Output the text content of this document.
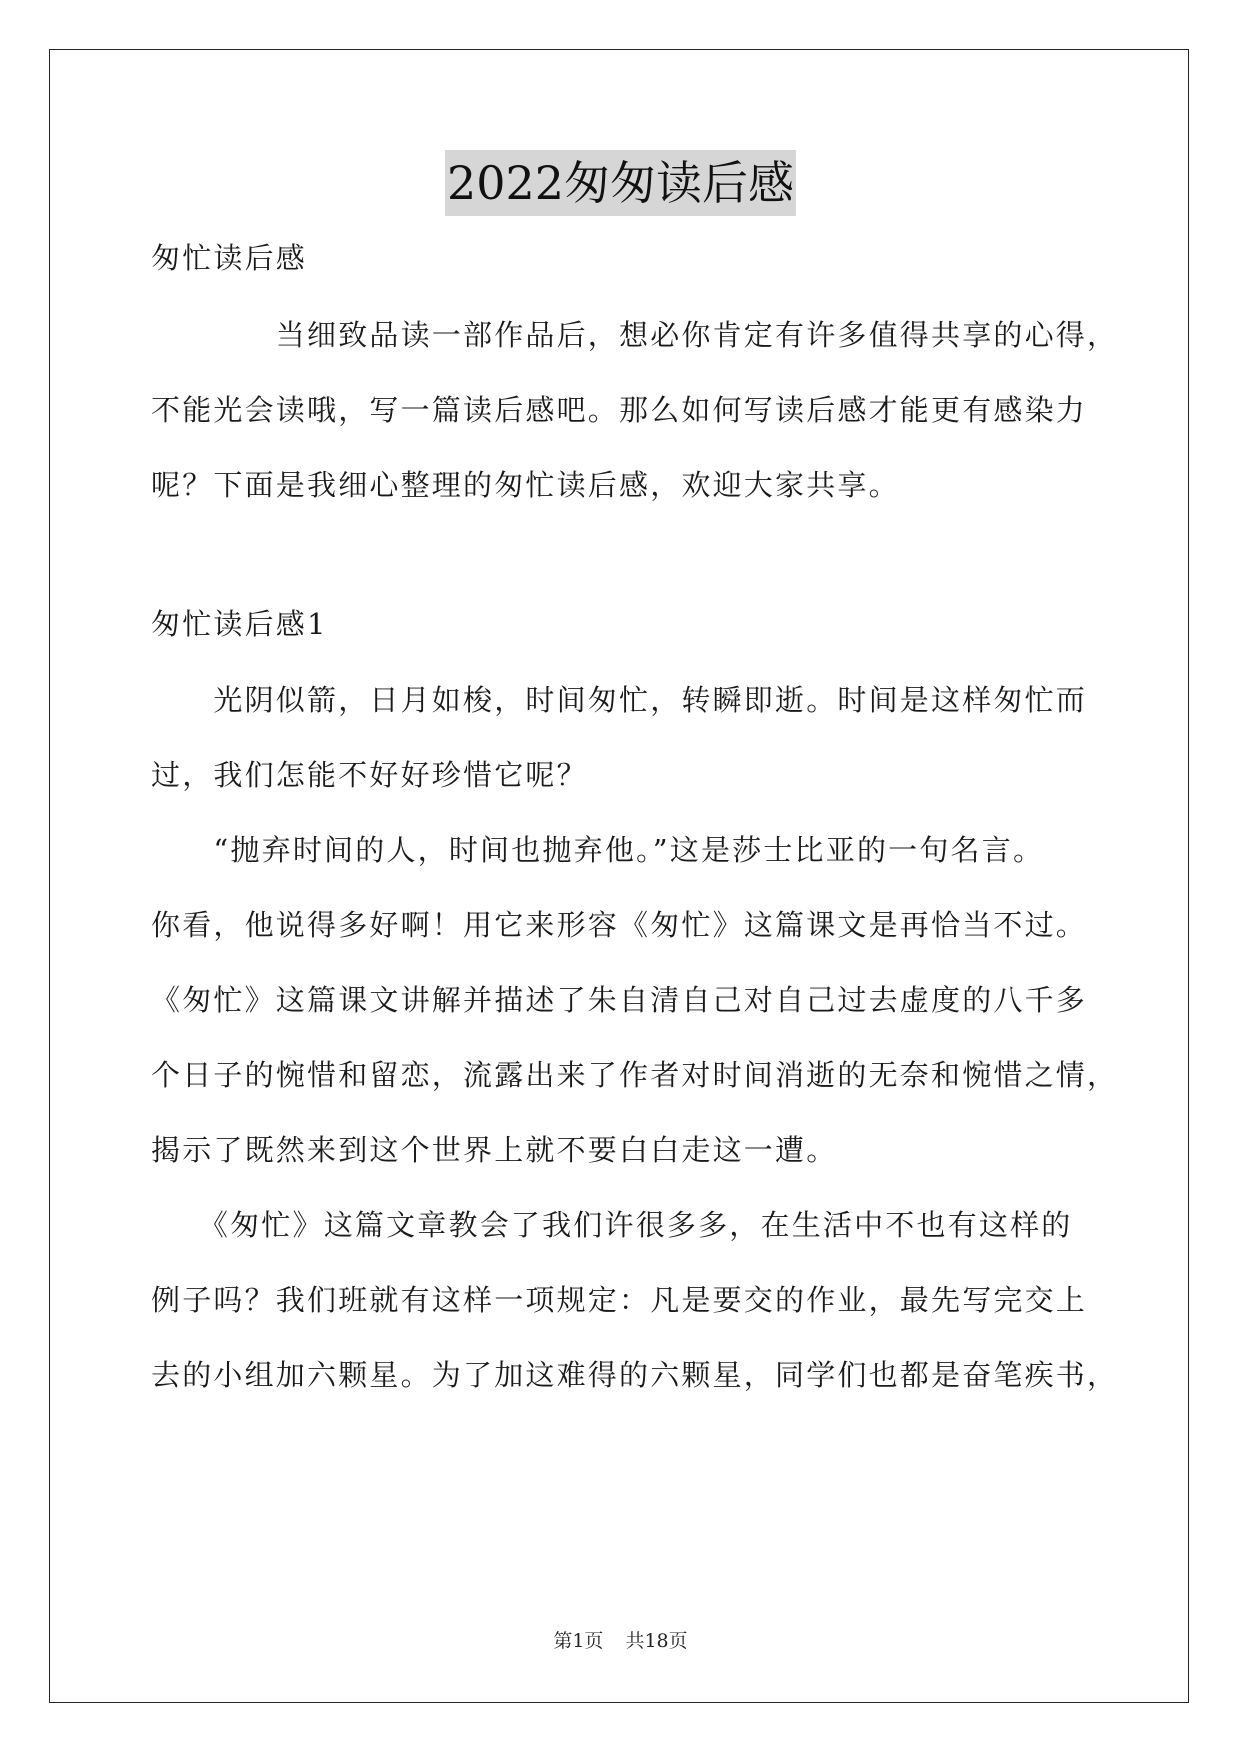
2022匆匆读后感

匆忙读后感

　　　　当细致品读一部作品后，想必你肯定有许多值得共享的心得，

不能光会读哦，写一篇读后感吧。那么如何写读后感才能更有感染力

呢？下面是我细心整理的匆忙读后感，欢迎大家共享。

匆忙读后感1

　　光阴似箭，日月如梭，时间匆忙，转瞬即逝。时间是这样匆忙而

过，我们怎能不好好珍惜它呢？

　　“抛弃时间的人，时间也抛弃他。”这是莎士比亚的一句名言。

你看，他说得多好啊！用它来形容《匆忙》这篇课文是再恰当不过。

《匆忙》这篇课文讲解并描述了朱自清自己对自己过去虚度的八千多

个日子的惋惜和留恋，流露出来了作者对时间消逝的无奈和惋惜之情，

揭示了既然来到这个世界上就不要白白走这一遭。

　　《匆忙》这篇文章教会了我们许很多多，在生活中不也有这样的

例子吗？我们班就有这样一项规定：凡是要交的作业，最先写完交上

去的小组加六颗星。为了加这难得的六颗星，同学们也都是奋笔疾书，

第1页 共18页
